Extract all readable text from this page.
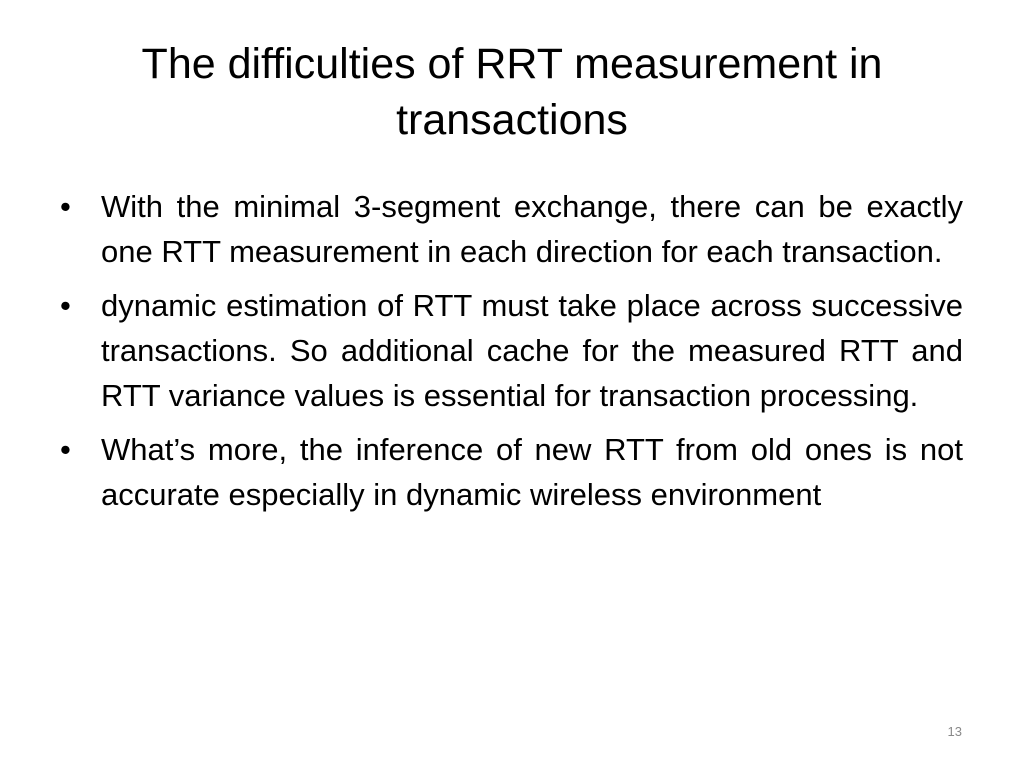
The difficulties of RRT measurement in transactions
• With the minimal 3-segment exchange, there can be exactly one RTT measurement in each direction for each transaction.
• dynamic estimation of RTT must take place across successive transactions. So additional cache for the measured RTT and RTT variance values is essential for transaction processing.
• What’s more, the inference of new RTT from old ones is not accurate especially in dynamic wireless environment
13
